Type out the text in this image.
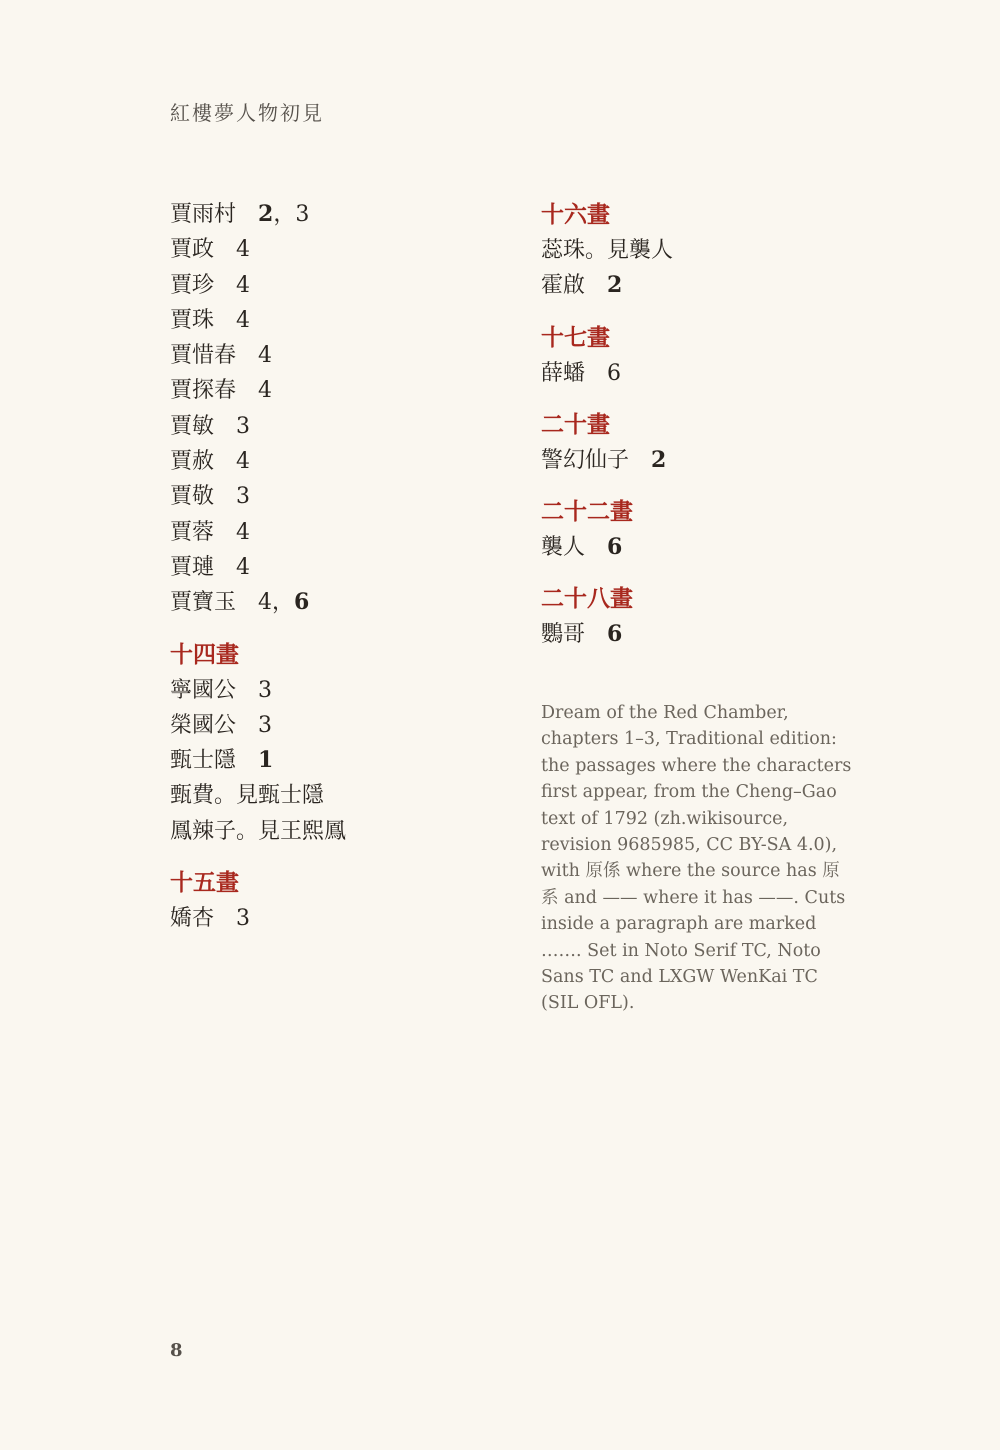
紅樓夢人物初見
賈雨村 2，3
賈政 4
賈珍 4
賈珠 4
賈惜春 4
賈探春 4
賈敏 3
賈赦 4
賈敬 3
賈蓉 4
賈璉 4
賈寶玉 4，6
十四畫
寧國公 3
榮國公 3
甄士隱 1
甄費。見甄士隱
鳳辣子。見王熙鳳
十五畫
嬌杏 3
十六畫
蕊珠。見襲人
霍啟 2
十七畫
薛蟠 6
二十畫
警幻仙子 2
二十二畫
襲人 6
二十八畫
鸚哥 6
Dream of the Red Chamber, chapters 1–3, Traditional edition: the passages where the characters first appear, from the Cheng–Gao text of 1792 (zh.wikisource, revision 9685985, CC BY-SA 4.0), with 原係 where the source has 原系 and —— where it has ——. Cuts inside a paragraph are marked ……. Set in Noto Serif TC, Noto Sans TC and LXGW WenKai TC (SIL OFL).
8
